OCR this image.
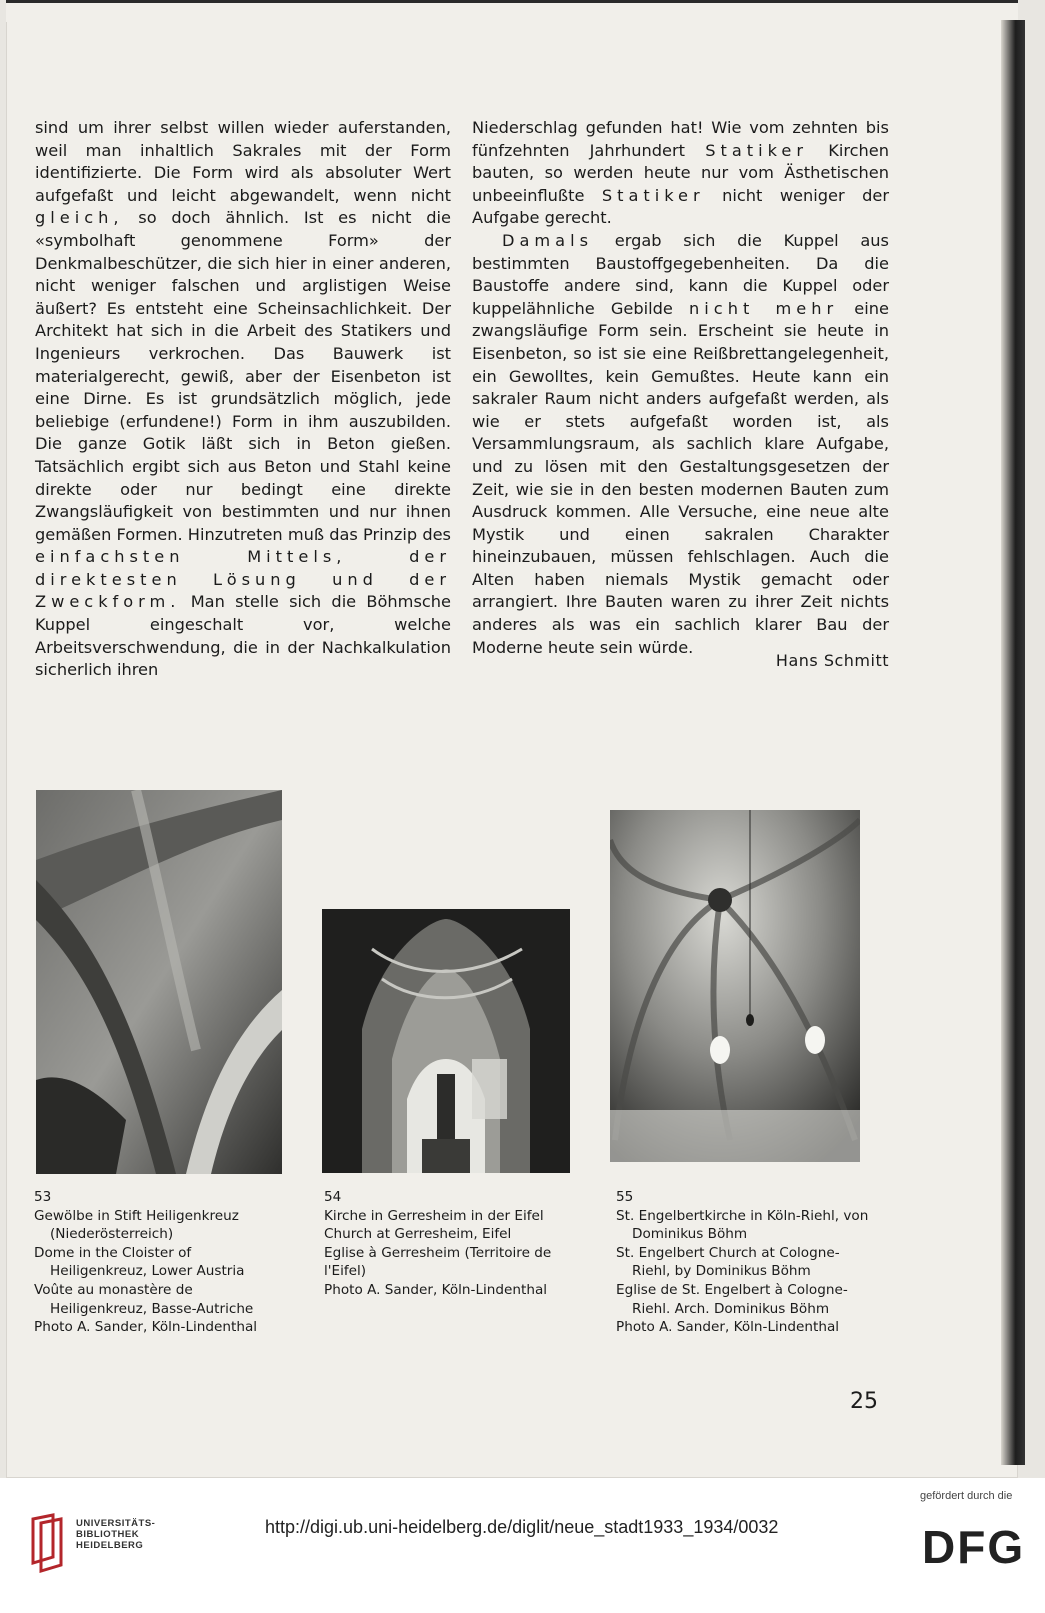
sind um ihrer selbst willen wieder auferstanden, weil man inhaltlich Sakrales mit der Form identifizierte. Die Form wird als absoluter Wert aufgefaßt und leicht abgewandelt, wenn nicht gleich, so doch ähnlich. Ist es nicht die «symbolhaft genommene Form» der Denkmalbeschützer, die sich hier in einer anderen, nicht weniger falschen und arglistigen Weise äußert? Es entsteht eine Scheinsachlichkeit. Der Architekt hat sich in die Arbeit des Statikers und Ingenieurs verkrochen. Das Bauwerk ist materialgerecht, gewiß, aber der Eisenbeton ist eine Dirne. Es ist grundsätzlich möglich, jede beliebige (erfundene!) Form in ihm auszubilden. Die ganze Gotik läßt sich in Beton gießen. Tatsächlich ergibt sich aus Beton und Stahl keine direkte oder nur bedingt eine direkte Zwangsläufigkeit von bestimmten und nur ihnen gemäßen Formen. Hinzutreten muß das Prinzip des einfachsten Mittels, der direktesten Lösung und der Zweckform. Man stelle sich die Böhmsche Kuppel eingeschalt vor, welche Arbeitsverschwendung, die in der Nachkalkulation sicherlich ihren

Niederschlag gefunden hat! Wie vom zehnten bis fünfzehnten Jahrhundert Statiker Kirchen bauten, so werden heute nur vom Ästhetischen unbeeinflußte Statiker nicht weniger der Aufgabe gerecht.

Damals ergab sich die Kuppel aus bestimmten Baustoffgegebenheiten. Da die Baustoffe andere sind, kann die Kuppel oder kuppelähnliche Gebilde nicht mehr eine zwangsläufige Form sein. Erscheint sie heute in Eisenbeton, so ist sie eine Reißbrettangelegenheit, ein Gewolltes, kein Gemußtes. Heute kann ein sakraler Raum nicht anders aufgefaßt werden, als wie er stets aufgefaßt worden ist, als Versammlungsraum, als sachlich klare Aufgabe, und zu lösen mit den Gestaltungsgesetzen der Zeit, wie sie in den besten modernen Bauten zum Ausdruck kommen. Alle Versuche, eine neue alte Mystik und einen sakralen Charakter hineinzubauen, müssen fehlschlagen. Auch die Alten haben niemals Mystik gemacht oder arrangiert. Ihre Bauten waren zu ihrer Zeit nichts anderes als was ein sachlich klarer Bau der Moderne heute sein würde.

Hans Schmitt
53
Gewölbe in Stift Heiligenkreuz (Niederösterreich)
Dome in the Cloister of Heiligenkreuz, Lower Austria
Voûte au monastère de Heiligenkreuz, Basse-Autriche
Photo A. Sander, Köln-Lindenthal
54
Kirche in Gerresheim in der Eifel
Church at Gerresheim, Eifel
Eglise à Gerresheim (Territoire de l'Eifel)
Photo A. Sander, Köln-Lindenthal
55
St. Engelbertkirche in Köln-Riehl, von Dominikus Böhm
St. Engelbert Church at Cologne-Riehl, by Dominikus Böhm
Eglise de St. Engelbert à Cologne-Riehl. Arch. Dominikus Böhm
Photo A. Sander, Köln-Lindenthal
25
UNIVERSITÄTS-
BIBLIOTHEK
HEIDELBERG
http://digi.ub.uni-heidelberg.de/diglit/neue_stadt1933_1934/0032
gefördert durch die
DFG
